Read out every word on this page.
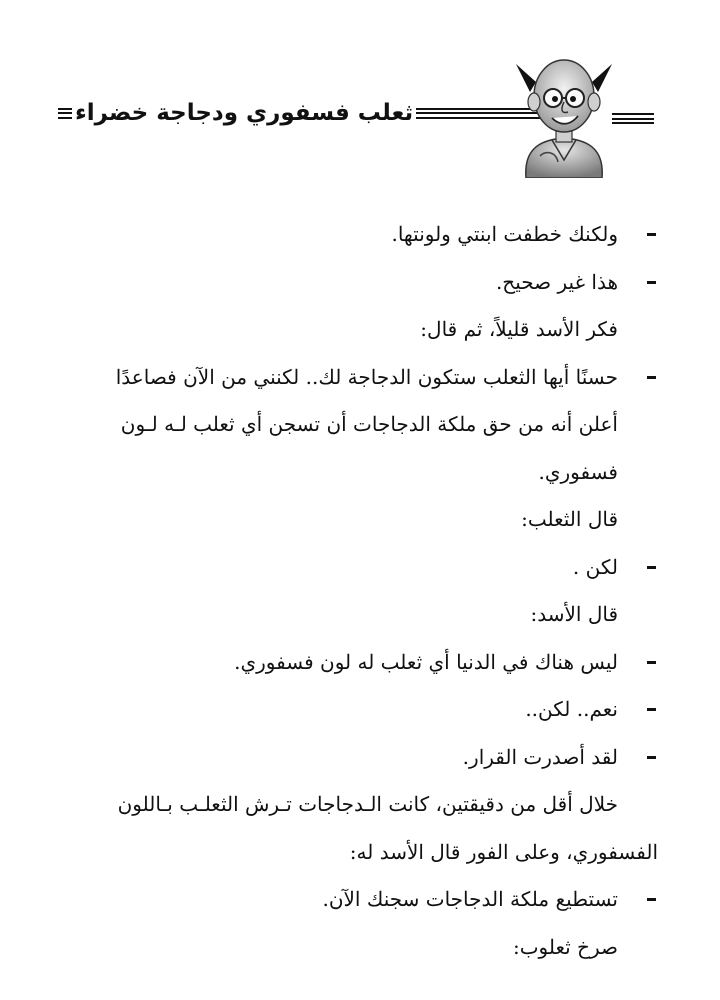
ثعلب فسفوري ودجاجة خضراء
ولكنك خطفت ابنتي ولونتها.
هذا غير صحيح.
فكر الأسد قليلاً، ثم قال:
حسنًا أيها الثعلب ستكون الدجاجة لك.. لكنني من الآن فصاعدًا
أعلن أنه من حق ملكة الدجاجات أن تسجن أي ثعلب لـه لـون
فسفوري.
قال الثعلب:
لكن .
قال الأسد:
ليس هناك في الدنيا أي ثعلب له لون فسفوري.
نعم.. لكن..
لقد أصدرت القرار.
خلال أقل من دقيقتين، كانت الـدجاجات تـرش الثعلـب بـاللون
الفسفوري، وعلى الفور قال الأسد له:
تستطيع ملكة الدجاجات سجنك الآن.
صرخ ثعلوب:
